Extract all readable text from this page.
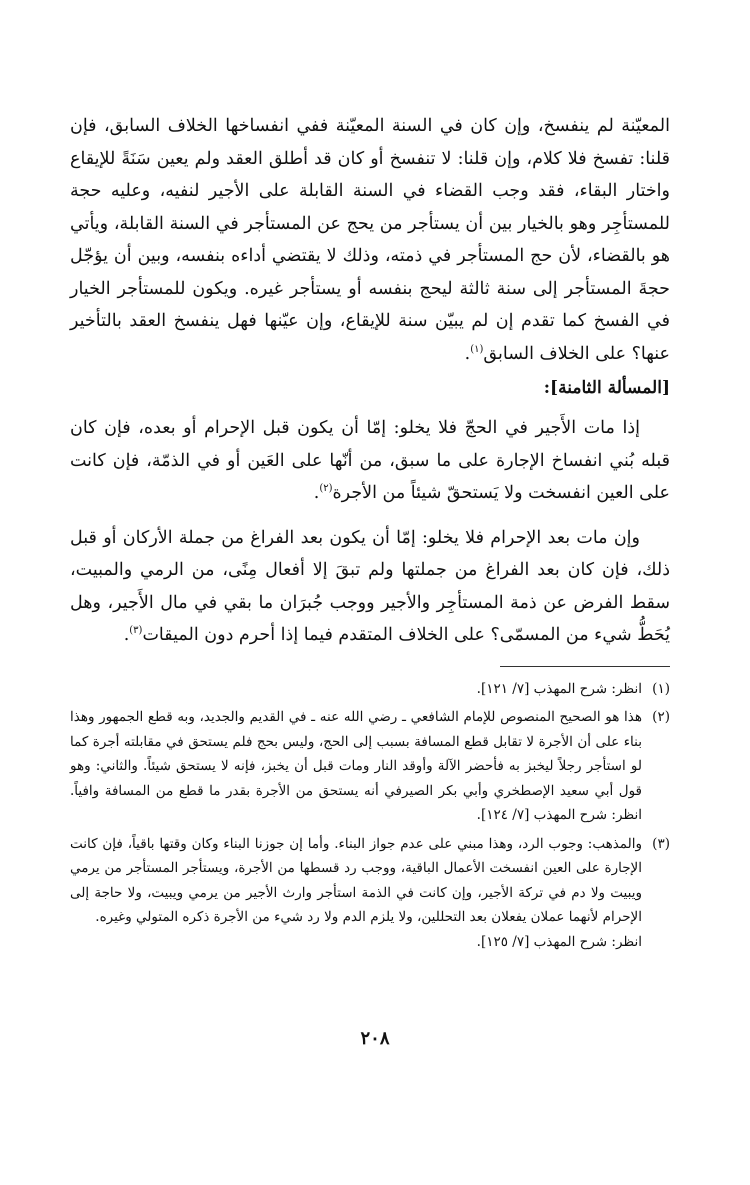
المعيّنة لم ينفسخ، وإن كان في السنة المعيّنة ففي انفساخها الخلاف السابق، فإن قلنا: تفسخ فلا كلام، وإن قلنا: لا تنفسخ أو كان قد أطلق العقد ولم يعين سَنَةً للإيقاع واختار البقاء، فقد وجب القضاء في السنة القابلة على الأجير لنفيه، وعليه حجة للمستأجِر وهو بالخيار بين أن يستأجر من يحج عن المستأجر في السنة القابلة، ويأتي هو بالقضاء، لأن حج المستأجر في ذمته، وذلك لا يقتضي أداءه بنفسه، وبين أن يؤجّل حجةَ المستأجر إلى سنة ثالثة ليحج بنفسه أو يستأجر غيره. ويكون للمستأجر الخيار في الفسخ كما تقدم إن لم يبيّن سنة للإيقاع، وإن عيّنها فهل ينفسخ العقد بالتأخير عنها؟ على الخلاف السابق$^{(١)}$.

[المسألة الثامنة]:

إذا مات الأَجير في الحجّ فلا يخلو: إمّا أن يكون قبل الإحرام أو بعده، فإن كان قبله بُني انفساخ الإجارة على ما سبق، من أنّها على العَين أو في الذمّة، فإن كانت على العين انفسخت ولا يَستحقّ شيئاً من الأجرة$^{(٢)}$.

وإن مات بعد الإحرام فلا يخلو: إمّا أن يكون بعد الفراغ من جملة الأركان أو قبل ذلك، فإن كان بعد الفراغ من جملتها ولم تبقَ إلا أفعال مِنًى، من الرمي والمبيت، سقط الفرض عن ذمة المستأجِر والأجير ووجب جُبرَان ما بقي في مال الأَجير، وهل يُحَطُّ شيء من المسمّى؟ على الخلاف المتقدم فيما إذا أحرم دون الميقات$^{(٣)}$.

(١)
انظر: شرح المهذب [٧/ ١٢١].
(٢)
هذا هو الصحيح المنصوص للإمام الشافعي ـ رضي الله عنه ـ في القديم والجديد، وبه قطع الجمهور وهذا بناء على أن الأجرة لا تقابل قطع المسافة بسبب إلى الحج، وليس بحج فلم يستحق في مقابلته أجرة كما لو استأجر رجلاً ليخبز به فأحضر الآلة وأوقد النار ومات قبل أن يخبز، فإنه لا يستحق شيئاً. والثاني: وهو قول أبي سعيد الإصطخري وأبي بكر الصيرفي أنه يستحق من الأجرة بقدر ما قطع من المسافة وافياً. انظر: شرح المهذب [٧/ ١٢٤].
(٣)
والمذهب: وجوب الرد، وهذا مبني على عدم جواز البناء. وأما إن جوزنا البناء وكان وقتها باقياً، فإن كانت الإجارة على العين انفسخت الأعمال الباقية، ووجب رد قسطها من الأجرة، ويستأجر المستأجر من يرمي ويبيت ولا دم في تركة الأجير، وإن كانت في الذمة استأجر وارث الأجير من يرمي ويبيت، ولا حاجة إلى الإحرام لأنهما عملان يفعلان بعد التحللين، ولا يلزم الدم ولا رد شيء من الأجرة ذكره المتولي وغيره.
انظر: شرح المهذب [٧/ ١٢٥].
٢٠٨
